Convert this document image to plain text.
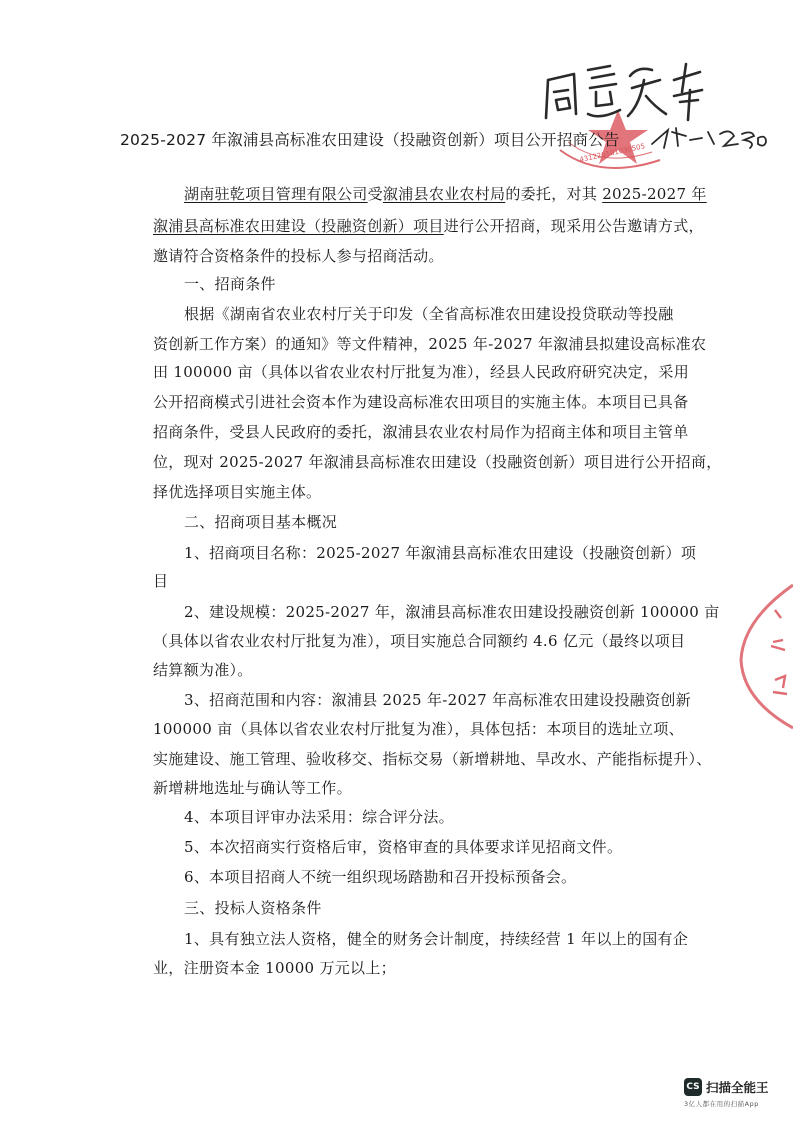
431226101030505
2025-2027 年溆浦县高标准农田建设（投融资创新）项目公开招商公告
湖南驻乾项目管理有限公司受溆浦县农业农村局的委托，对其 2025-2027 年
溆浦县高标准农田建设（投融资创新）项目进行公开招商，现采用公告邀请方式，
邀请符合资格条件的投标人参与招商活动。
一、招商条件
根据《湖南省农业农村厅关于印发（全省高标准农田建设投贷联动等投融
资创新工作方案）的通知》等文件精神，2025 年-2027 年溆浦县拟建设高标准农
田 100000 亩（具体以省农业农村厅批复为准），经县人民政府研究决定，采用
公开招商模式引进社会资本作为建设高标准农田项目的实施主体。本项目已具备
招商条件，受县人民政府的委托，溆浦县农业农村局作为招商主体和项目主管单
位，现对 2025-2027 年溆浦县高标准农田建设（投融资创新）项目进行公开招商，
择优选择项目实施主体。
二、招商项目基本概况
1、招商项目名称：2025-2027 年溆浦县高标准农田建设（投融资创新）项
目
2、建设规模：2025-2027 年，溆浦县高标准农田建设投融资创新 100000 亩
（具体以省农业农村厅批复为准），项目实施总合同额约 4.6 亿元（最终以项目
结算额为准）。
3、招商范围和内容：溆浦县 2025 年-2027 年高标准农田建设投融资创新
100000 亩（具体以省农业农村厅批复为准），具体包括：本项目的选址立项、
实施建设、施工管理、验收移交、指标交易（新增耕地、旱改水、产能指标提升）、
新增耕地选址与确认等工作。
4、本项目评审办法采用：综合评分法。
5、本次招商实行资格后审，资格审查的具体要求详见招商文件。
6、本项目招商人不统一组织现场踏勘和召开投标预备会。
三、投标人资格条件
1、具有独立法人资格，健全的财务会计制度，持续经营 1 年以上的国有企
业，注册资本金 10000 万元以上；
CS 扫描全能王
3亿人都在用的扫描App
